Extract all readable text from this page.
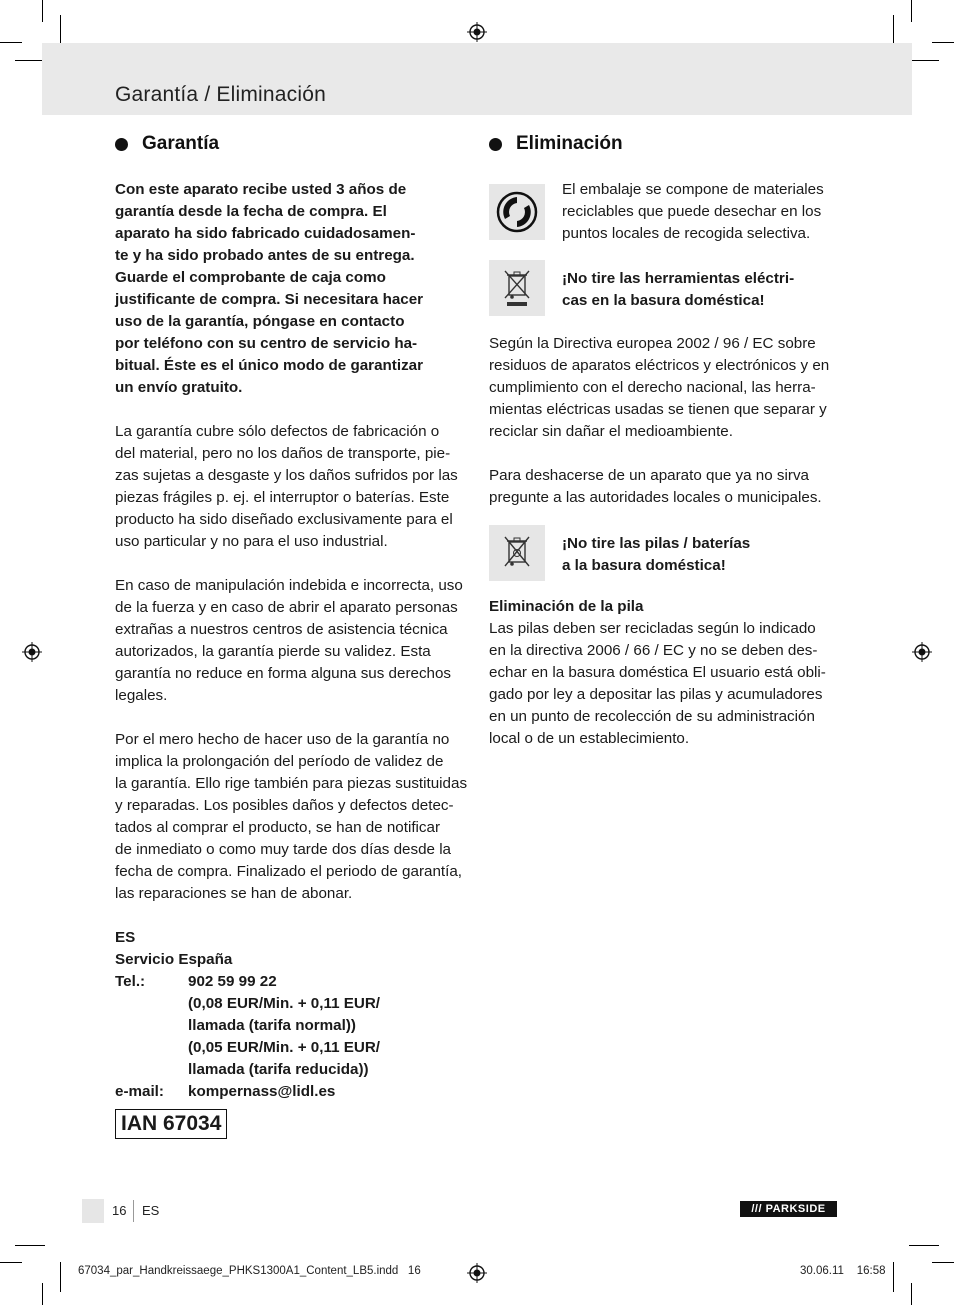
Garantía / Eliminación
Garantía

Con este aparato recibe usted 3 años de

garantía desde la fecha de compra. El

aparato ha sido fabricado cuidadosamen-

te y ha sido probado antes de su entrega.

Guarde el comprobante de caja como

justificante de compra. Si necesitara hacer

uso de la garantía, póngase en contacto

por teléfono con su centro de servicio ha-

bitual. Éste es el único modo de garantizar

un envío gratuito.

La garantía cubre sólo defectos de fabricación o

del material, pero no los daños de transporte, pie-

zas sujetas a desgaste y los daños sufridos por las

piezas frágiles p. ej. el interruptor o baterías. Este

producto ha sido diseñado exclusivamente para el

uso particular y no para el uso industrial.

En caso de manipulación indebida e incorrecta, uso

de la fuerza y en caso de abrir el aparato personas

extrañas a nuestros centros de asistencia técnica

autorizados, la garantía pierde su validez. Esta

garantía no reduce en forma alguna sus derechos

legales.

Por el mero hecho de hacer uso de la garantía no

implica la prolongación del período de validez de

la garantía. Ello rige también para piezas sustituidas

y reparadas. Los posibles daños y defectos detec-

tados al comprar el producto, se han de notificar

de inmediato o como muy tarde dos días desde la

fecha de compra. Finalizado el periodo de garantía,

las reparaciones se han de abonar.

ES

Servicio España

Tel.:	902 59 99 22
(0,08 EUR/Min. + 0,11 EUR/
llamada (tarifa normal))
(0,05 EUR/Min. + 0,11 EUR/
llamada (tarifa reducida))
e-mail:	kompernass@lidl.es
IAN 67034
Eliminación

El embalaje se compone de materiales

reciclables que puede desechar en los

puntos locales de recogida selectiva.

¡No tire las herramientas eléctri-

cas en la basura doméstica!

Según la Directiva europea 2002 / 96 / EC sobre

residuos de aparatos eléctricos y electrónicos y en

cumplimiento con el derecho nacional, las herra-

mientas eléctricas usadas se tienen que separar y

reciclar sin dañar el medioambiente.

Para deshacerse de un aparato que ya no sirva

pregunte a las autoridades locales o municipales.

¡No tire las pilas / baterías

a la basura doméstica!

Eliminación de la pila

Las pilas deben ser recicladas según lo indicado

en la directiva 2006 / 66 / EC y no se deben des-

echar en la basura doméstica El usuario está obli-

gado por ley a depositar las pilas y acumuladores

en un punto de recolección de su administración

local o de un establecimiento.

16 ES	/// PARKSIDE
67034_par_Handkreissaege_PHKS1300A1_Content_LB5.indd 16	30.06.11 16:58
